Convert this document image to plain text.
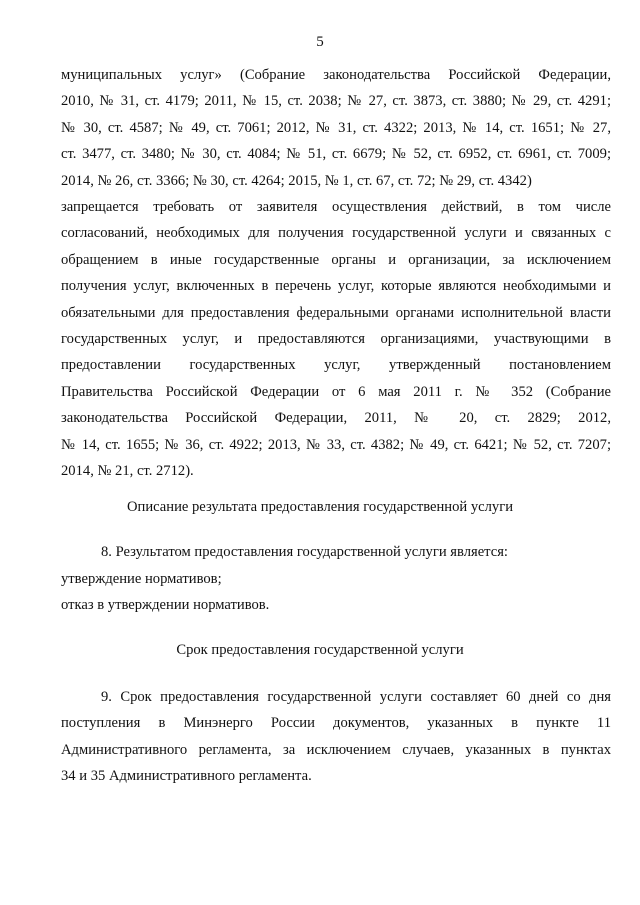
5
муниципальных услуг» (Собрание законодательства Российской Федерации,
2010, № 31, ст. 4179; 2011, № 15, ст. 2038; № 27, ст. 3873, ст. 3880; № 29, ст. 4291;
№ 30, ст. 4587; № 49, ст. 7061; 2012, № 31, ст. 4322; 2013, № 14, ст. 1651; № 27,
ст. 3477, ст. 3480; № 30, ст. 4084; № 51, ст. 6679; № 52, ст. 6952, ст. 6961, ст. 7009;
2014, № 26, ст. 3366; № 30, ст. 4264; 2015, № 1, ст. 67, ст. 72; № 29, ст. 4342)
запрещается требовать от заявителя осуществления действий, в том числе
согласований, необходимых для получения государственной услуги и связанных с
обращением в иные государственные органы и организации, за исключением
получения услуг, включенных в перечень услуг, которые являются необходимыми и
обязательными для предоставления федеральными органами исполнительной власти
государственных услуг, и предоставляются организациями, участвующими в
предоставлении государственных услуг, утвержденный постановлением
Правительства Российской Федерации от 6 мая 2011 г. № 352 (Собрание
законодательства Российской Федерации, 2011, № 20, ст. 2829; 2012,
№ 14, ст. 1655; № 36, ст. 4922; 2013, № 33, ст. 4382; № 49, ст. 6421; № 52, ст. 7207;
2014, № 21, ст. 2712).
Описание результата предоставления государственной услуги
8. Результатом предоставления государственной услуги является:
утверждение нормативов;
отказ в утверждении нормативов.
Срок предоставления государственной услуги
9. Срок предоставления государственной услуги составляет 60 дней со дня
поступления в Минэнерго России документов, указанных в пункте 11
Административного регламента, за исключением случаев, указанных в пунктах
34 и 35 Административного регламента.
